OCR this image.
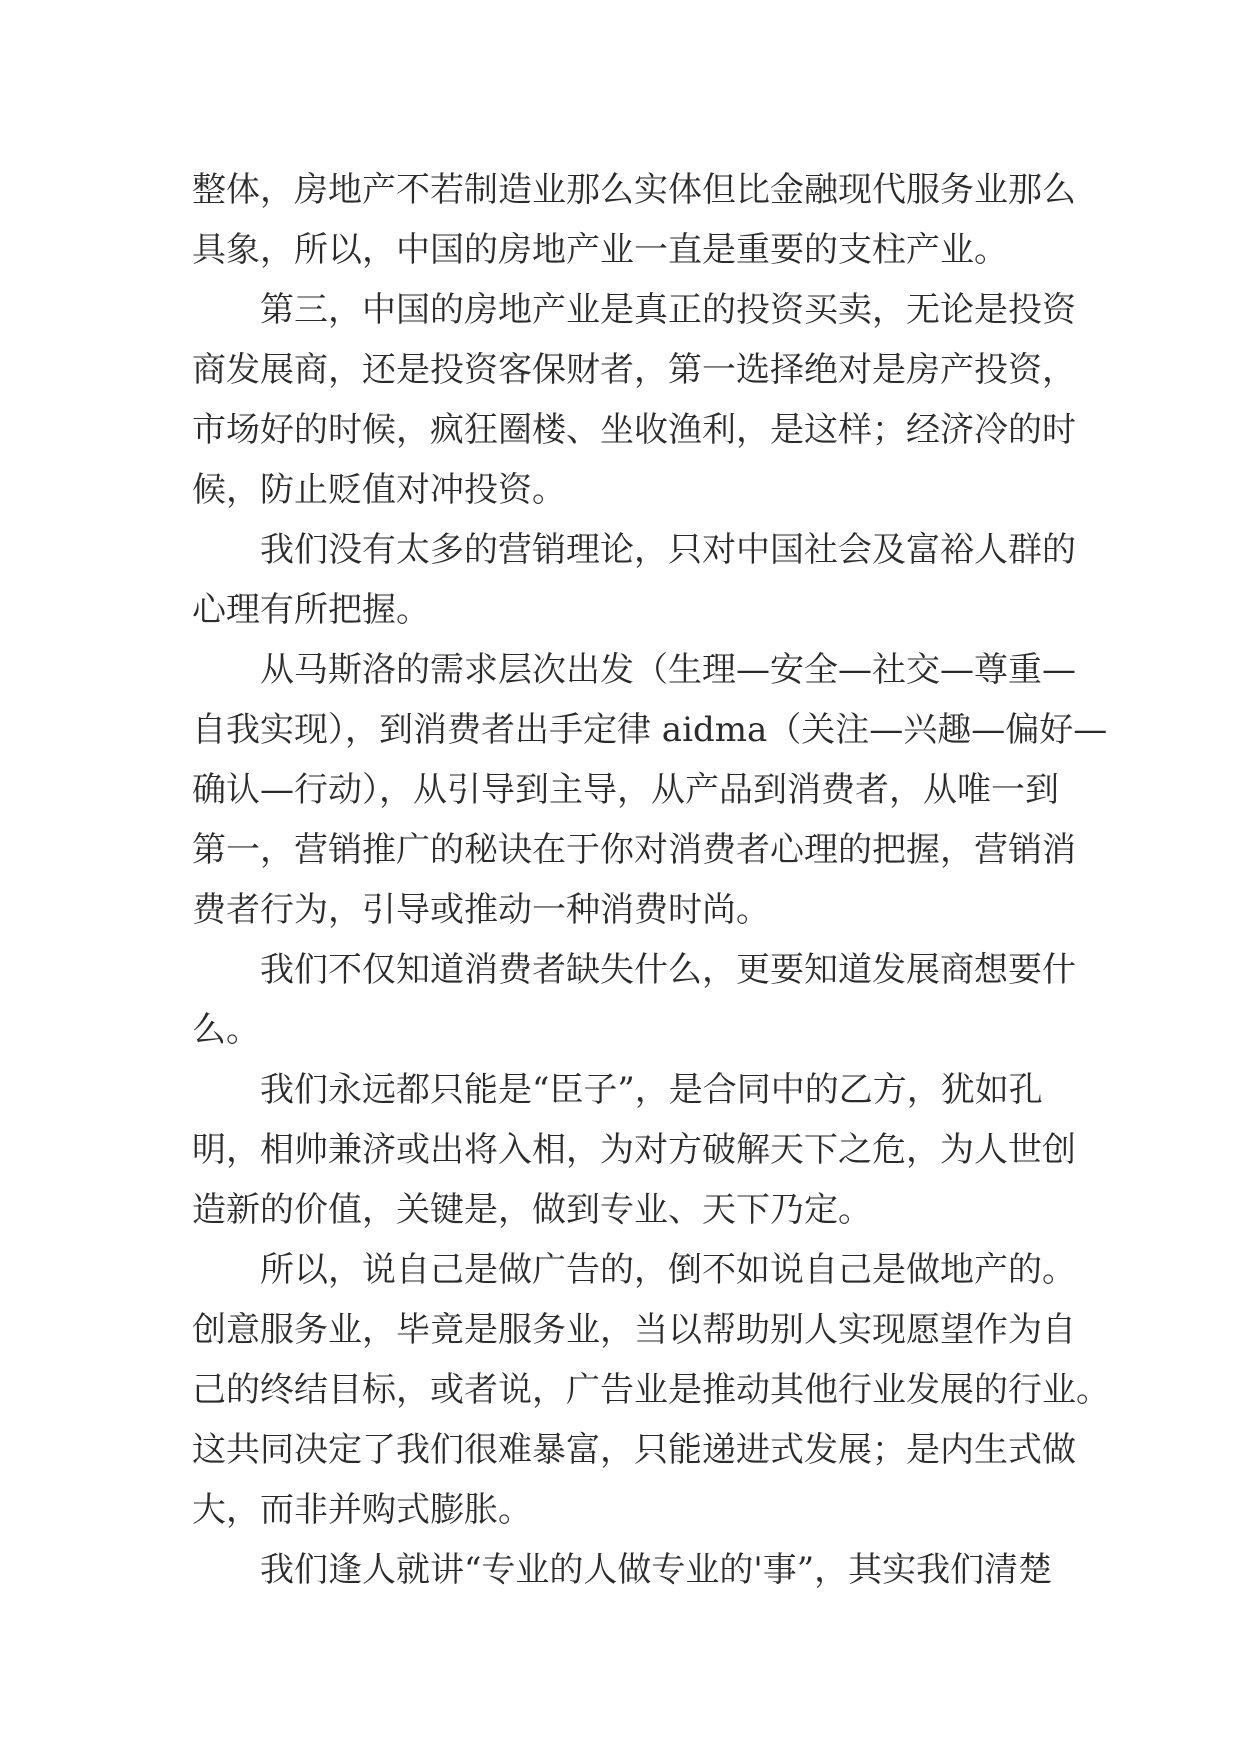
整体，房地产不若制造业那么实体但比金融现代服务业那么
具象，所以，中国的房地产业一直是重要的支柱产业。

第三，中国的房地产业是真正的投资买卖，无论是投资
商发展商，还是投资客保财者，第一选择绝对是房产投资，
市场好的时候，疯狂圈楼、坐收渔利，是这样；经济冷的时
候，防止贬值对冲投资。

我们没有太多的营销理论，只对中国社会及富裕人群的
心理有所把握。

从马斯洛的需求层次出发（生理—安全—社交—尊重—
自我实现），到消费者出手定律 aidma（关注—兴趣—偏好—
确认—行动），从引导到主导，从产品到消费者，从唯一到
第一，营销推广的秘诀在于你对消费者心理的把握，营销消
费者行为，引导或推动一种消费时尚。

我们不仅知道消费者缺失什么，更要知道发展商想要什
么。

我们永远都只能是“臣子”，是合同中的乙方，犹如孔
明，相帅兼济或出将入相，为对方破解天下之危，为人世创
造新的价值，关键是，做到专业、天下乃定。

所以，说自己是做广告的，倒不如说自己是做地产的。
创意服务业，毕竟是服务业，当以帮助别人实现愿望作为自
己的终结目标，或者说，广告业是推动其他行业发展的行业。
这共同决定了我们很难暴富，只能递进式发展；是内生式做
大，而非并购式膨胀。

我们逢人就讲“专业的人做专业的'事”，其实我们清楚
